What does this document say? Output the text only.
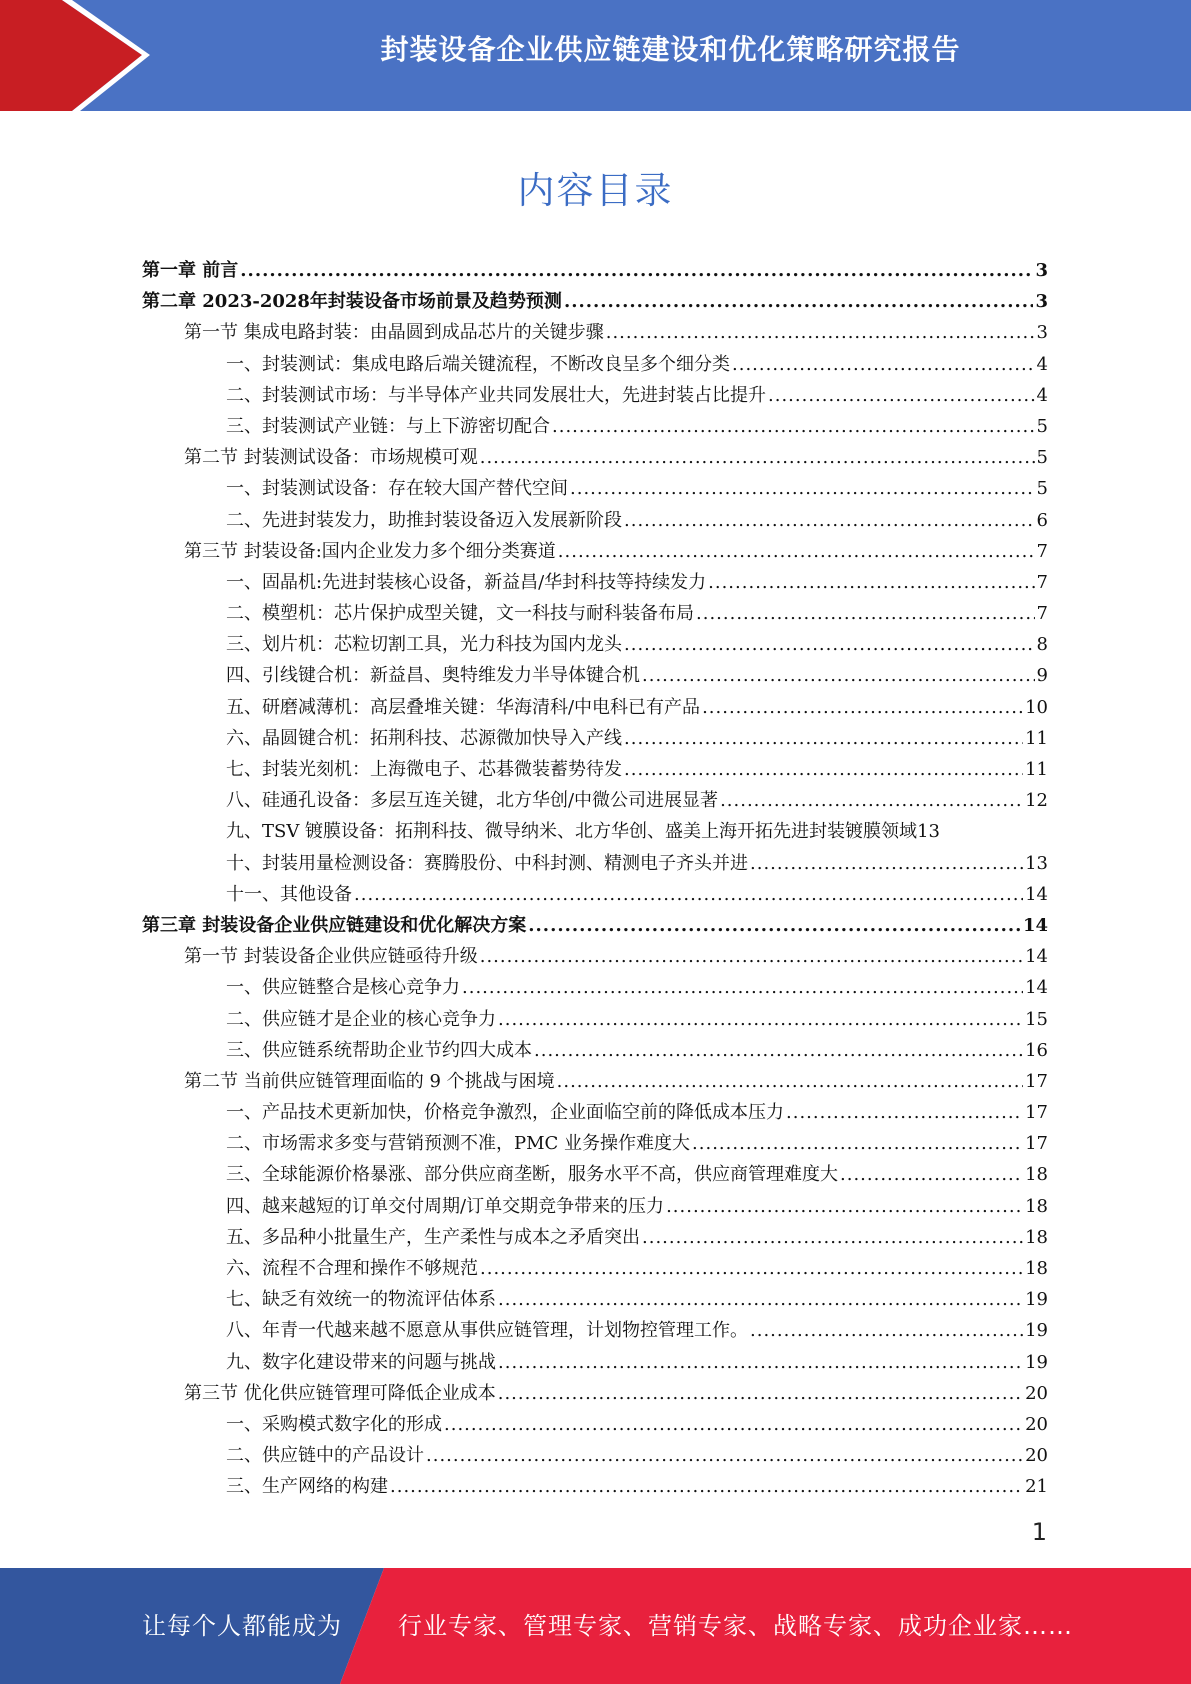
封装设备企业供应链建设和优化策略研究报告
内容目录
第一章 前言 .....	3
第二章 2023-2028年封装设备市场前景及趋势预测 .....	3
第一节 集成电路封装：由晶圆到成品芯片的关键步骤 .....	3
一、封装测试：集成电路后端关键流程，不断改良呈多个细分类 .....	4
二、封装测试市场：与半导体产业共同发展壮大，先进封装占比提升 .....	4
三、封装测试产业链：与上下游密切配合 .....	5
第二节 封装测试设备：市场规模可观 .....	5
一、封装测试设备：存在较大国产替代空间 .....	5
二、先进封装发力，助推封装设备迈入发展新阶段 .....	6
第三节 封装设备:国内企业发力多个细分类赛道 .....	7
一、固晶机:先进封装核心设备，新益昌/华封科技等持续发力 .....	7
二、模塑机：芯片保护成型关键，文一科技与耐科装备布局 .....	7
三、划片机：芯粒切割工具，光力科技为国内龙头 .....	8
四、引线键合机：新益昌、奥特维发力半导体键合机 .....	9
五、研磨减薄机：高层叠堆关键：华海清科/中电科已有产品 .....	10
六、晶圆键合机：拓荆科技、芯源微加快导入产线 .....	11
七、封装光刻机：上海微电子、芯碁微装蓄势待发 .....	11
八、硅通孔设备：多层互连关键，北方华创/中微公司进展显著 .....	12
九、TSV 镀膜设备：拓荆科技、微导纳米、北方华创、盛美上海开拓先进封装镀膜领域 13
十、封装用量检测设备：赛腾股份、中科封测、精测电子齐头并进 .....	13
十一、其他设备 .....	14
第三章 封装设备企业供应链建设和优化解决方案 .....	14
第一节 封装设备企业供应链亟待升级 .....	14
一、供应链整合是核心竞争力 .....	14
二、供应链才是企业的核心竞争力 .....	15
三、供应链系统帮助企业节约四大成本 .....	16
第二节 当前供应链管理面临的 9 个挑战与困境 .....	17
一、产品技术更新加快，价格竞争激烈，企业面临空前的降低成本压力 .....	17
二、市场需求多变与营销预测不准，PMC 业务操作难度大 .....	17
三、全球能源价格暴涨、部分供应商垄断，服务水平不高，供应商管理难度大 .....	18
四、越来越短的订单交付周期/订单交期竞争带来的压力 .....	18
五、多品种小批量生产，生产柔性与成本之矛盾突出 .....	18
六、流程不合理和操作不够规范 .....	18
七、缺乏有效统一的物流评估体系 .....	19
八、年青一代越来越不愿意从事供应链管理，计划物控管理工作。 .....	19
九、数字化建设带来的问题与挑战 .....	19
第三节 优化供应链管理可降低企业成本 .....	20
一、采购模式数字化的形成 .....	20
二、供应链中的产品设计 .....	20
三、生产网络的构建 .....	21
1
让每个人都能成为 行业专家、管理专家、营销专家、战略专家、成功企业家……
